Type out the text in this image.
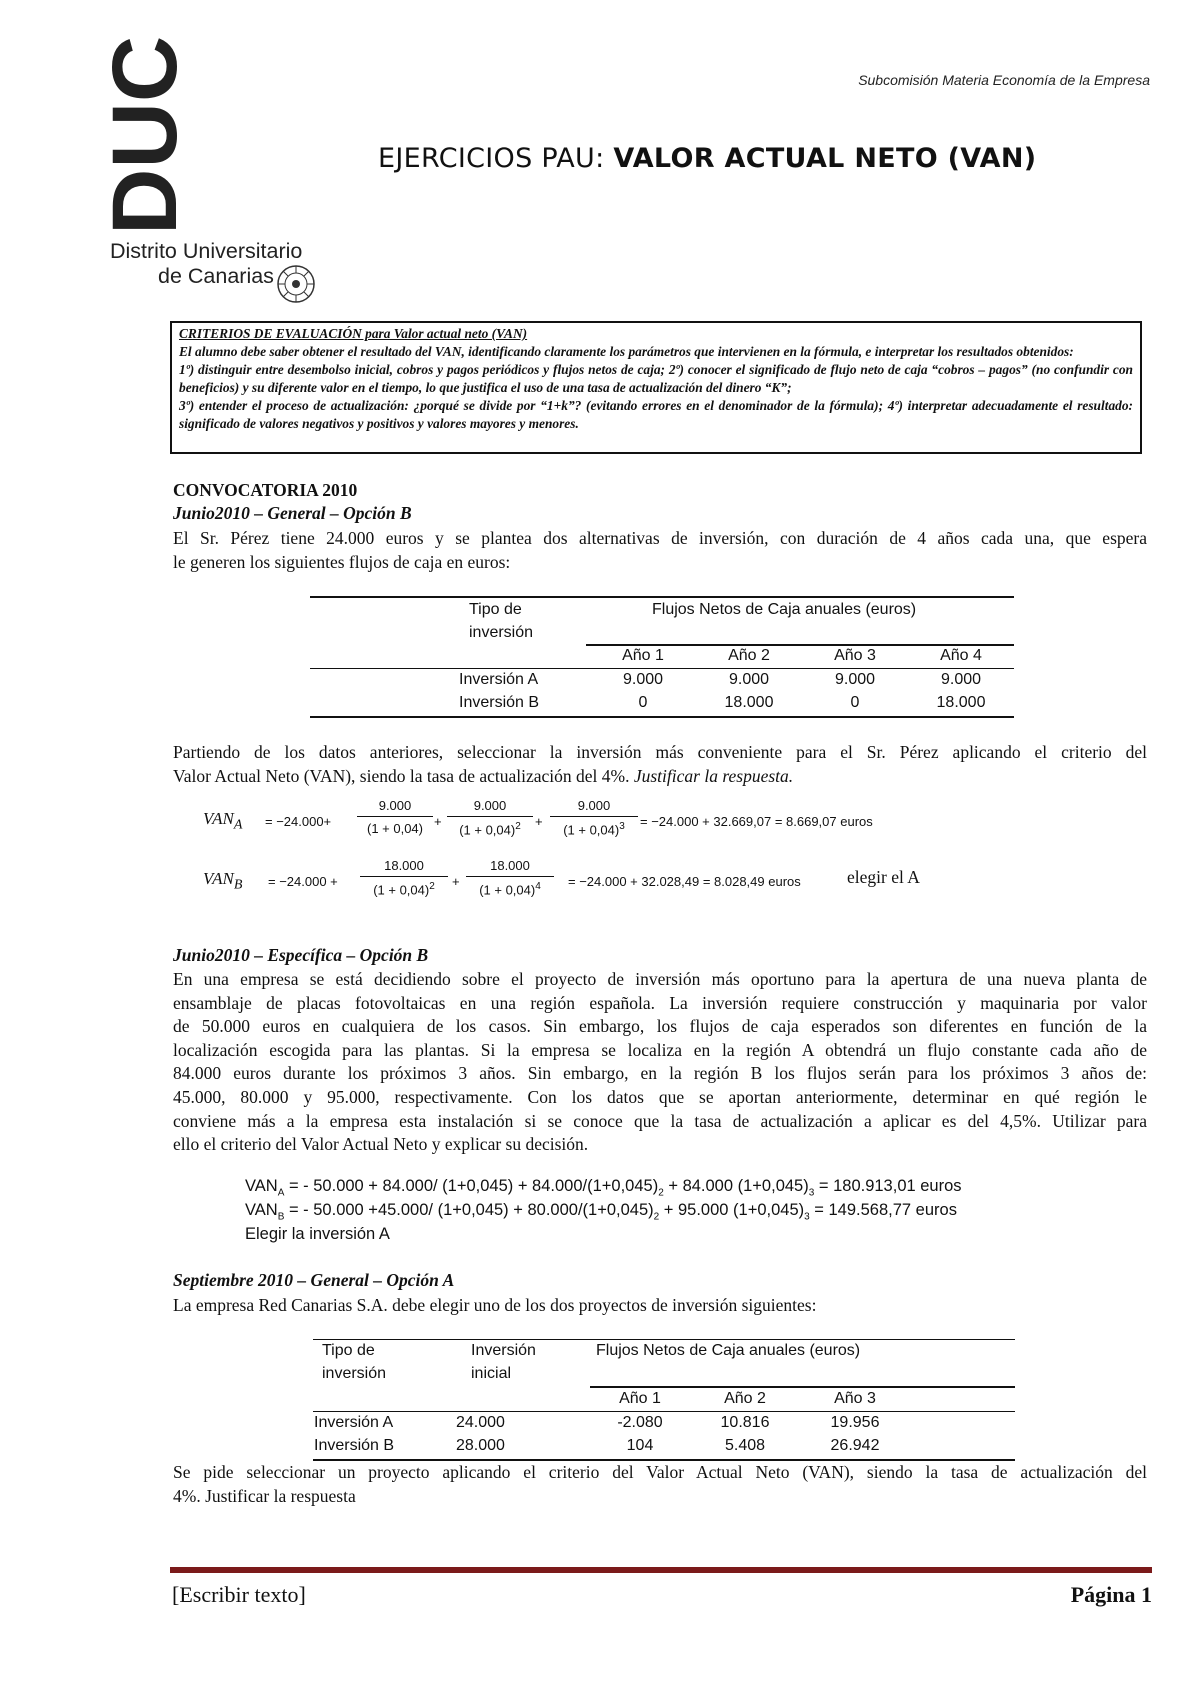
Subcomisión Materia Economía de la Empresa
EJERCICIOS PAU: VALOR ACTUAL NETO (VAN)
DUC
Distrito Universitario
de Canarias
CRITERIOS DE EVALUACIÓN para Valor actual neto (VAN)
El alumno debe saber obtener el resultado del VAN, identificando claramente los parámetros que intervienen en la fórmula, e interpretar los resultados obtenidos:
1º) distinguir entre desembolso inicial, cobros y pagos periódicos y flujos netos de caja; 2º) conocer el significado de flujo neto de caja “cobros – pagos” (no confundir con beneficios) y su diferente valor en el tiempo, lo que justifica el uso de una tasa de actualización del dinero “K”;
3º) entender el proceso de actualización: ¿porqué se divide por “1+k”? (evitando errores en el denominador de la fórmula); 4º) interpretar adecuadamente el resultado: significado de valores negativos y positivos y valores mayores y menores.
CONVOCATORIA 2010
Junio2010 – General – Opción B
El Sr. Pérez tiene 24.000 euros y se plantea dos alternativas de inversión, con duración de 4 años cada una, que espera
le generen los siguientes flujos de caja en euros:
Tipo de
inversión
Flujos Netos de Caja anuales (euros)
Año 1	Año 2	Año 3	Año 4
Inversión A	9.000	9.000	9.000	9.000
Inversión B	0	18.000	0	18.000
Partiendo de los datos anteriores, seleccionar la inversión más conveniente para el Sr. Pérez aplicando el criterio del
Valor Actual Neto (VAN), siendo la tasa de actualización del 4%. Justificar la respuesta.
$VAN_A = -24.000+$
9.000
(1 + 0,04) +
9.000
$(1 + 0,04)^2$	+
9.000
$(1 + 0,04)^3$	= −24.000 + 32.669,07 = 8.669,07 euros
$VAN_B = -24.000$ +
18.000
$(1 + 0,04)^2$	+
18.000
$(1 + 0,04)^4$	= −24.000 + 32.028,49 = 8.028,49 euros	elegir el A
Junio2010 – Específica – Opción B
En una empresa se está decidiendo sobre el proyecto de inversión más oportuno para la apertura de una nueva planta de
ensamblaje de placas fotovoltaicas en una región española. La inversión requiere construcción y maquinaria por valor
de 50.000 euros en cualquiera de los casos. Sin embargo, los flujos de caja esperados son diferentes en función de la
localización escogida para las plantas. Si la empresa se localiza en la región A obtendrá un flujo constante cada año de
84.000 euros durante los próximos 3 años. Sin embargo, en la región B los flujos serán para los próximos 3 años de:
45.000, 80.000 y 95.000, respectivamente. Con los datos que se aportan anteriormente, determinar en qué región le
conviene más a la empresa esta instalación si se conoce que la tasa de actualización a aplicar es del 4,5%. Utilizar para
ello el criterio del Valor Actual Neto y explicar su decisión.
$VAN_A$ = - 50.000 + 84.000/ $(1+0,045) + 84.000/(1+0,045)_2 + 84.000$ $(1+0,045)_3 = 180.913,01$ euros
$VAN_B$ = - 50.000 +45.000/ $(1+0,045) + 80.000/(1+0,045)_2 + 95.000$ $(1+0,045)_3 = 149.568,77$ euros
Elegir la inversión A
Septiembre 2010 – General – Opción A
La empresa Red Canarias S.A. debe elegir uno de los dos proyectos de inversión siguientes:
Tipo de
inversión
Inversión
inicial
Flujos Netos de Caja anuales (euros)
Año 1	Año 2	Año 3
Inversión A	24.000	-2.080	10.816	19.956
Inversión B	28.000	104	5.408	26.942
Se pide seleccionar un proyecto aplicando el criterio del Valor Actual Neto (VAN), siendo la tasa de actualización del
4%. Justificar la respuesta
[Escribir texto]	Página 1
